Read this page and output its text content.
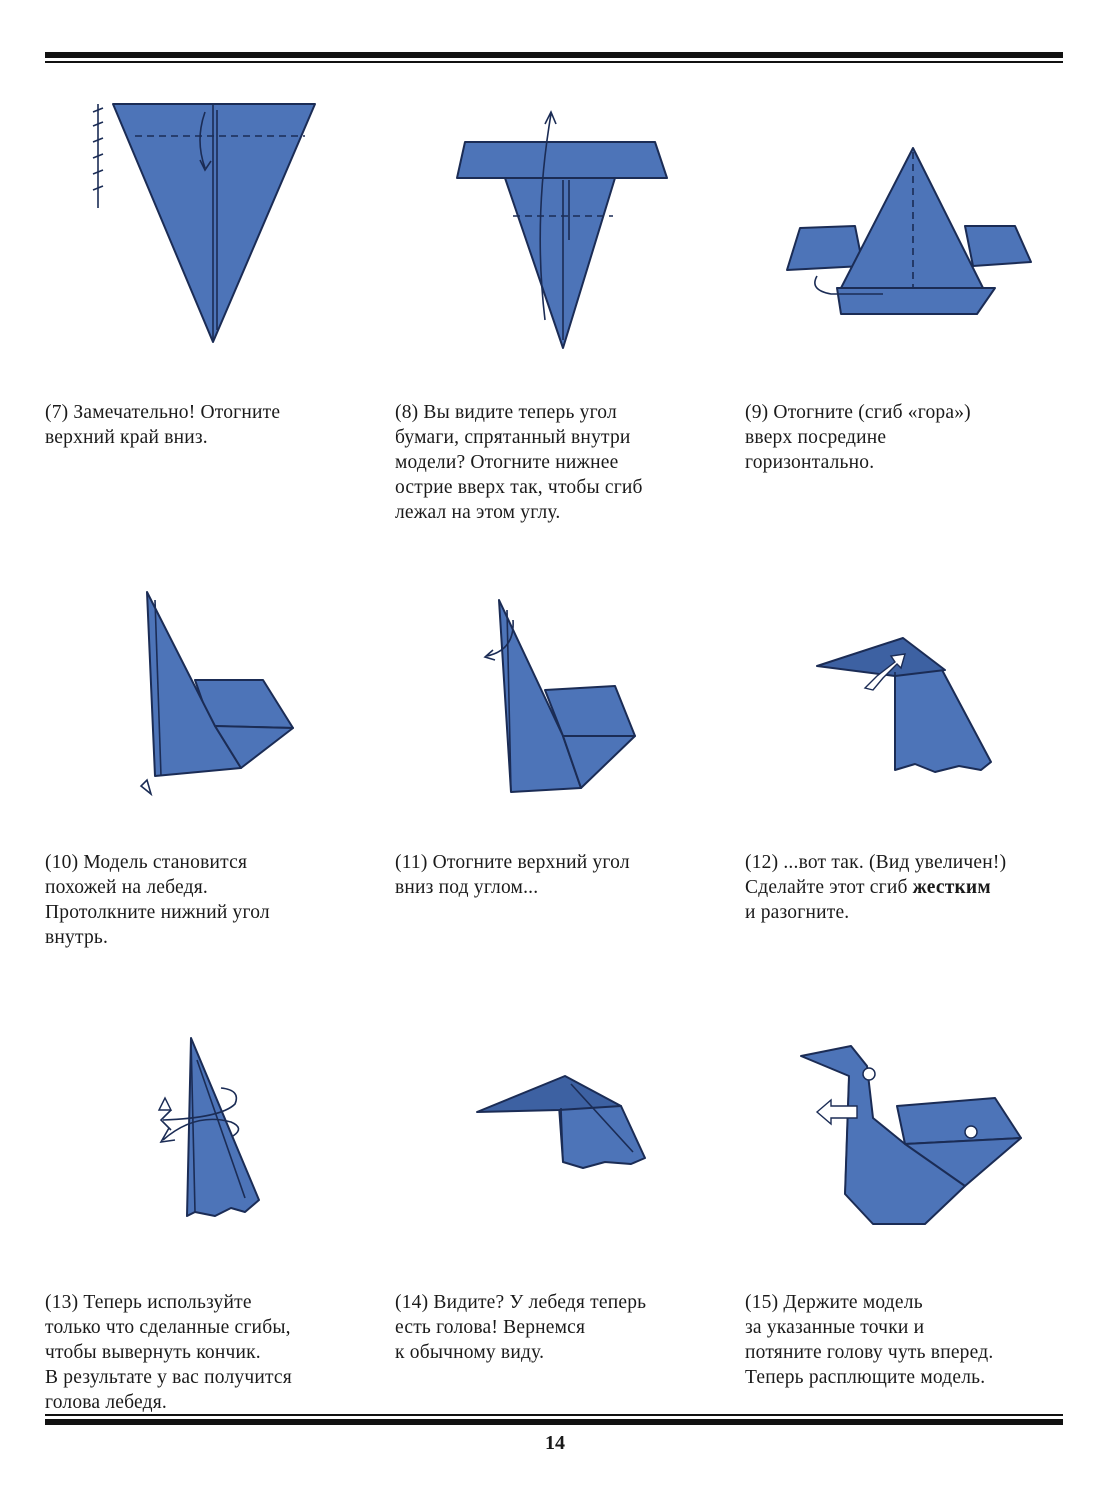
(7) Замечательно! Отогните
верхний край вниз.
(8) Вы видите теперь угол
бумаги, спрятанный внутри
модели? Отогните нижнее
острие вверх так, чтобы сгиб
лежал на этом углу.
(9) Отогните (сгиб «гора»)
вверх посредине
горизонтально.
(10) Модель становится
похожей на лебедя.
Протолкните нижний угол
внутрь.
(11) Отогните верхний угол
вниз под углом...
(12) ...вот так. (Вид увеличен!)
Сделайте этот сгиб жестким
и разогните.
(13) Теперь используйте
только что сделанные сгибы,
чтобы вывернуть кончик.
В результате у вас получится
голова лебедя.
(14) Видите? У лебедя теперь
есть голова! Вернемся
к обычному виду.
(15) Держите модель
за указанные точки и
потяните голову чуть вперед.
Теперь расплющите модель.
14
